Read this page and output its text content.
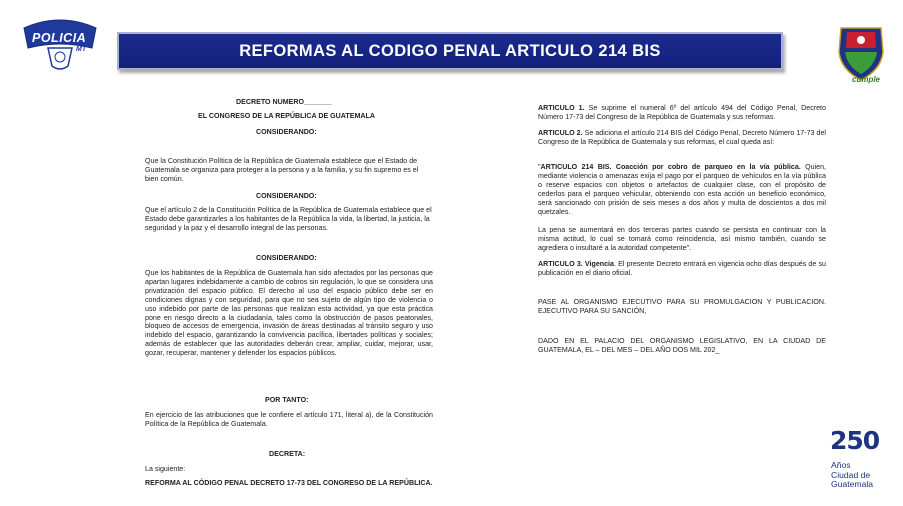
POLICIA
MT	REFORMAS AL CODIGO PENAL ARTICULO 214 BIS
cumple
DECRETO NUMERO_______
EL CONGRESO DE LA REPÚBLICA DE GUATEMALA
CONSIDERANDO:
Que la Constitución Política de la República de Guatemala establece que el Estado de Guatemala se organiza para proteger a la persona y a la familia, y su fin supremo es el bien común.
CONSIDERANDO:
Que el artículo 2 de la Constitución Política de la República de Guatemala establece que el Estado debe garantizarles a los habitantes de la República la vida, la libertad, la justicia, la seguridad y la paz y el desarrollo integral de las personas.
CONSIDERANDO:
Que los habitantes de la República de Guatemala han sido afectados por las personas que apartan lugares indebidamente a cambio de cobros sin regulación, lo que se considera una privatización del espacio público. El derecho al uso del espacio público debe ser en condiciones dignas y con seguridad, para que no sea sujeto de algún tipo de violencia o uso indebido por parte de las personas que realizan esta actividad, ya que esta práctica pone en riesgo directo a la ciudadanía, tales como la obstrucción de pasos peatonales, bloqueo de accesos de emergencia, invasión de áreas destinadas al tránsito seguro y uso indebido del espacio, garantizando la convivencia pacífica, libertades políticas y sociales; además de establecer que las autoridades deberán crear, ampliar, cuidar, mejorar, usar, gozar, recuperar, mantener y defender los espacios públicos.
POR TANTO:
En ejercicio de las atribuciones que le confiere el artículo 171, literal a), de la Constitución Política de la República de Guatemala.
DECRETA:
La siguiente:
REFORMA AL CÓDIGO PENAL DECRETO 17-73 DEL CONGRESO DE LA REPÚBLICA.
ARTICULO 1. Se suprime el numeral 6º del artículo 494 del Código Penal, Decreto Número 17-73 del Congreso de la República de Guatemala y sus reformas.
ARTICULO 2. Se adiciona el artículo 214 BIS del Código Penal, Decreto Número 17-73 del Congreso de la República de Guatemala y sus reformas, el cual queda así:
"ARTICULO 214 BIS. Coacción por cobro de parqueo en la vía pública. Quien, mediante violencia o amenazas exija el pago por el parqueo de vehículos en la vía pública o reserve espacios con objetos o artefactos de cualquier clase, con el propósito de cederlos para el parqueo vehicular, obteniendo con esta acción un beneficio económico, será sancionado con prisión de seis meses a dos años y multa de doscientos a dos mil quetzales.
La pena se aumentará en dos terceras partes cuando se persista en continuar con la misma actitud, lo cual se tomará como reincidencia, así mismo también, cuando se agrediera o insultaré a la autoridad competente".
ARTICULO 3. Vigencia. El presente Decreto entrará en vigencia ocho días después de su publicación en el diario oficial.
PASE AL ORGANISMO EJECUTIVO PARA SU PROMULGACION Y PUBLICACION. EJECUTIVO PARA SU SANCIÓN,
DADO EN EL PALACIO DEL ORGANISMO LEGISLATIVO, EN LA CIUDAD DE GUATEMALA, EL – DEL MES – DEL AÑO DOS MIL 202_
250
Años
Ciudad de
Guatemala
